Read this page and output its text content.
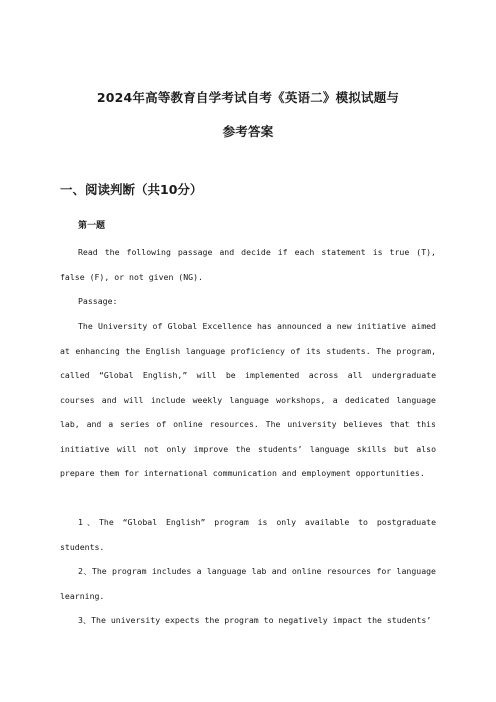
2024年高等教育自学考试自考《英语二》模拟试题与
参考答案
一、阅读判断（共10分）
第一题
Read the following passage and decide if each statement is true (T), false (F), or not given (NG).
Passage:
The University of Global Excellence has announced a new initiative aimed at enhancing the English language proficiency of its students. The program, called “Global English,” will be implemented across all undergraduate courses and will include weekly language workshops, a dedicated language lab, and a series of online resources. The university believes that this initiative will not only improve the students’ language skills but also prepare them for international communication and employment opportunities.
1、The “Global English” program is only available to postgraduate students.
2、The program includes a language lab and online resources for language learning.
3、The university expects the program to negatively impact the students’
